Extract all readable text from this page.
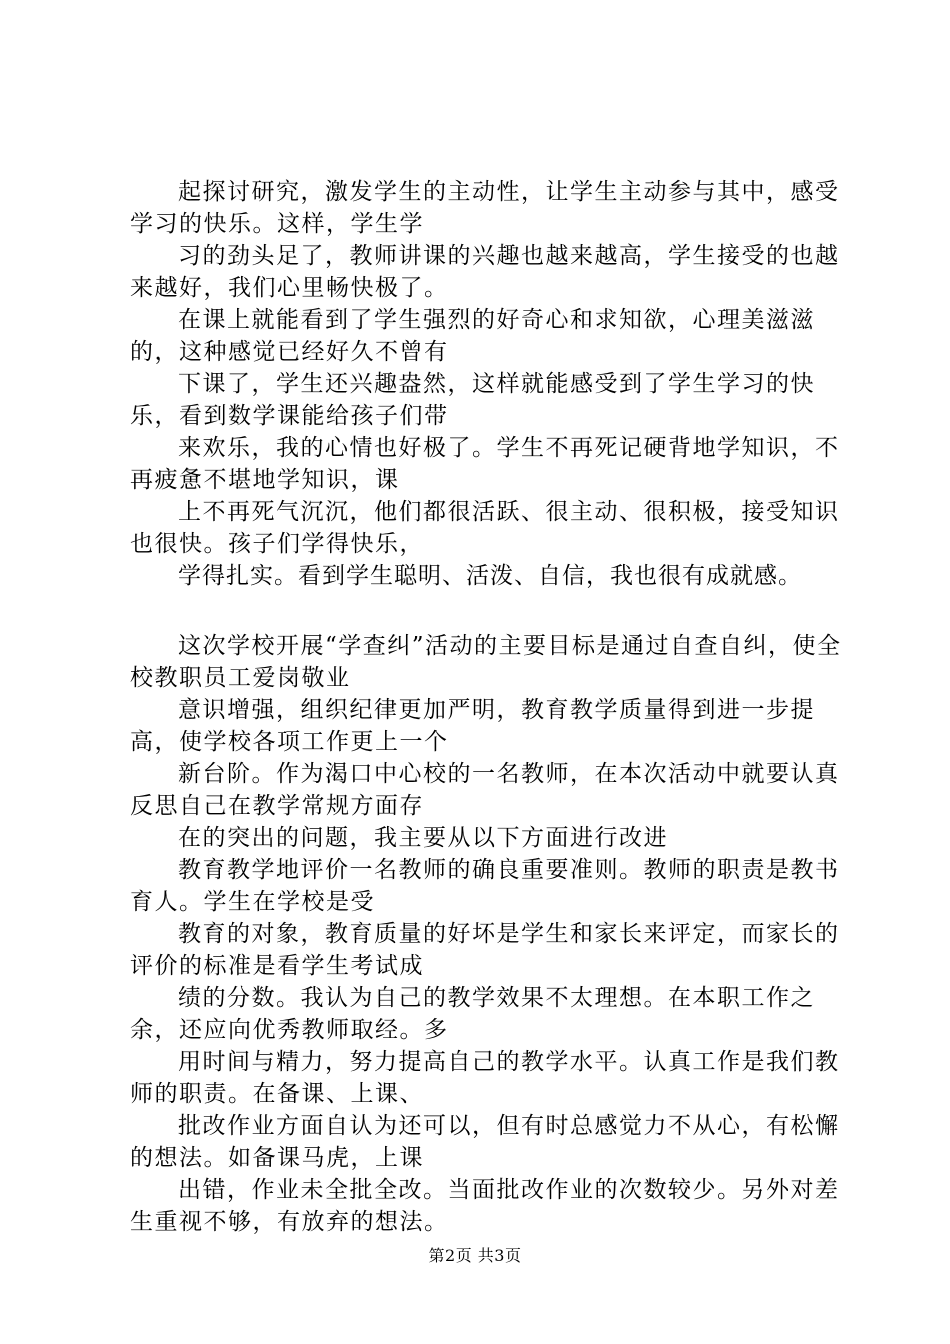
起探讨研究，激发学生的主动性，让学生主动参与其中，感受学习的快乐。这样，学生学

习的劲头足了，教师讲课的兴趣也越来越高，学生接受的也越来越好，我们心里畅快极了。

在课上就能看到了学生强烈的好奇心和求知欲，心理美滋滋的，这种感觉已经好久不曾有

下课了，学生还兴趣盎然，这样就能感受到了学生学习的快乐，看到数学课能给孩子们带

来欢乐，我的心情也好极了。学生不再死记硬背地学知识，不再疲惫不堪地学知识，课

上不再死气沉沉，他们都很活跃、很主动、很积极，接受知识也很快。孩子们学得快乐，

学得扎实。看到学生聪明、活泼、自信，我也很有成就感。

这次学校开展“学查纠”活动的主要目标是通过自查自纠，使全校教职员工爱岗敬业

意识增强，组织纪律更加严明，教育教学质量得到进一步提高，使学校各项工作更上一个

新台阶。作为渴口中心校的一名教师，在本次活动中就要认真反思自己在教学常规方面存

在的突出的问题，我主要从以下方面进行改进

教育教学地评价一名教师的确良重要准则。教师的职责是教书育人。学生在学校是受

教育的对象，教育质量的好坏是学生和家长来评定，而家长的评价的标准是看学生考试成

绩的分数。我认为自己的教学效果不太理想。在本职工作之余，还应向优秀教师取经。多

用时间与精力，努力提高自己的教学水平。认真工作是我们教师的职责。在备课、上课、

批改作业方面自认为还可以，但有时总感觉力不从心，有松懈的想法。如备课马虎，上课

出错，作业未全批全改。当面批改作业的次数较少。另外对差生重视不够，有放弃的想法。

第2页 共3页
